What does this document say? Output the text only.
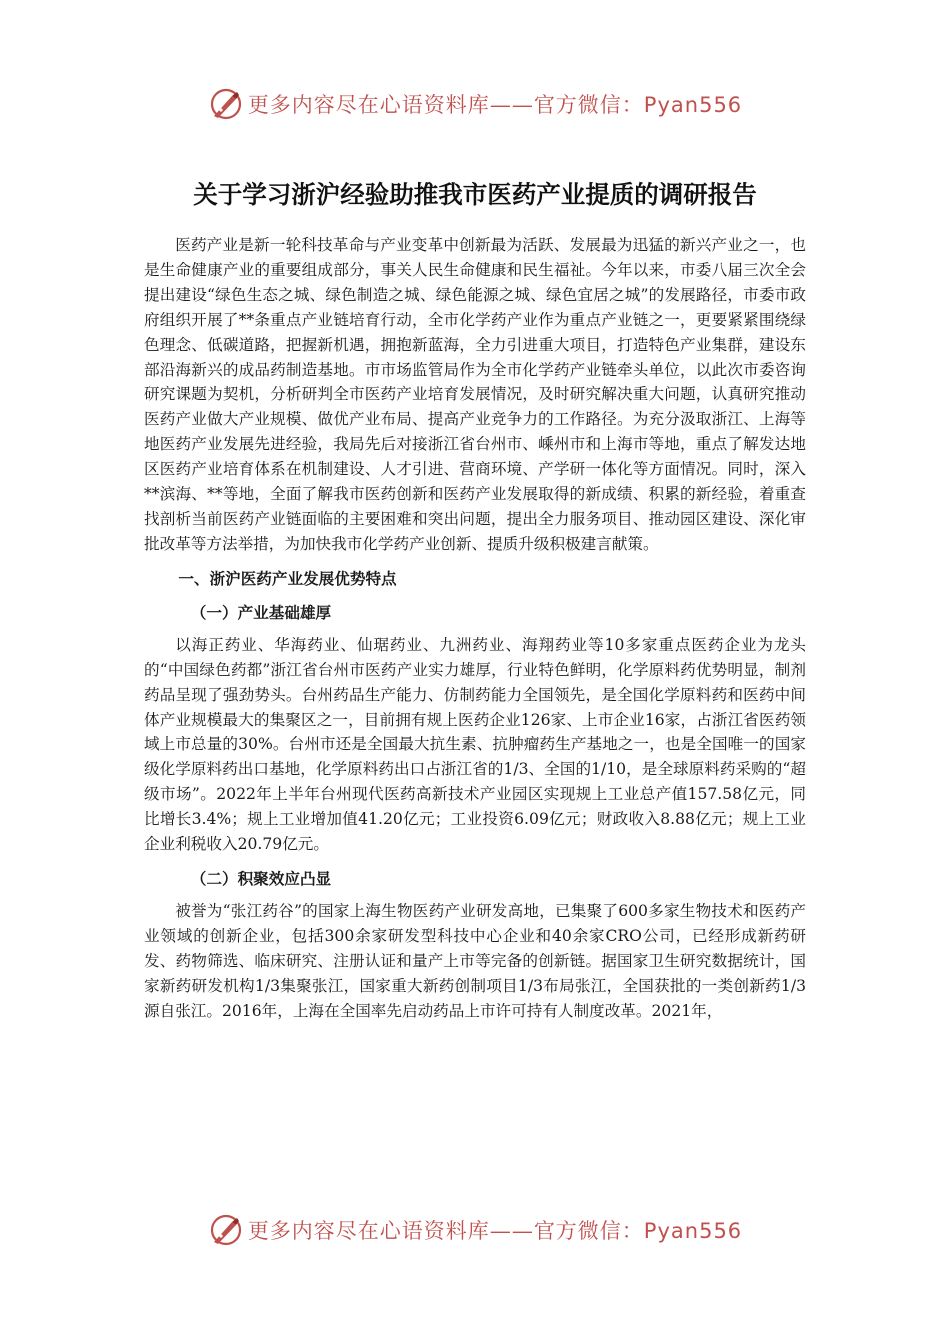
更多内容尽在心语资料库——官方微信：Pyan556
关于学习浙沪经验助推我市医药产业提质的调研报告

医药产业是新一轮科技革命与产业变革中创新最为活跃、发展最为迅猛的新兴产业之一，也是生命健康产业的重要组成部分，事关人民生命健康和民生福祉。今年以来，市委八届三次全会提出建设“绿色生态之城、绿色制造之城、绿色能源之城、绿色宜居之城”的发展路径，市委市政府组织开展了**条重点产业链培育行动，全市化学药产业作为重点产业链之一，更要紧紧围绕绿色理念、低碳道路，把握新机遇，拥抱新蓝海，全力引进重大项目，打造特色产业集群，建设东部沿海新兴的成品药制造基地。市市场监管局作为全市化学药产业链牵头单位，以此次市委咨询研究课题为契机，分析研判全市医药产业培育发展情况，及时研究解决重大问题，认真研究推动医药产业做大产业规模、做优产业布局、提高产业竞争力的工作路径。为充分汲取浙江、上海等地医药产业发展先进经验，我局先后对接浙江省台州市、嵊州市和上海市等地，重点了解发达地区医药产业培育体系在机制建设、人才引进、营商环境、产学研一体化等方面情况。同时，深入**滨海、**等地，全面了解我市医药创新和医药产业发展取得的新成绩、积累的新经验，着重查找剖析当前医药产业链面临的主要困难和突出问题，提出全力服务项目、推动园区建设、深化审批改革等方法举措，为加快我市化学药产业创新、提质升级积极建言献策。

一、浙沪医药产业发展优势特点
（一）产业基础雄厚

以海正药业、华海药业、仙琚药业、九洲药业、海翔药业等10多家重点医药企业为龙头的“中国绿色药都”浙江省台州市医药产业实力雄厚，行业特色鲜明，化学原料药优势明显，制剂药品呈现了强劲势头。台州药品生产能力、仿制药能力全国领先，是全国化学原料药和医药中间体产业规模最大的集聚区之一，目前拥有规上医药企业126家、上市企业16家，占浙江省医药领域上市总量的30%。台州市还是全国最大抗生素、抗肿瘤药生产基地之一，也是全国唯一的国家级化学原料药出口基地，化学原料药出口占浙江省的1/3、全国的1/10，是全球原料药采购的“超级市场”。2022年上半年台州现代医药高新技术产业园区实现规上工业总产值157.58亿元，同比增长3.4%；规上工业增加值41.20亿元；工业投资6.09亿元；财政收入8.88亿元；规上工业企业利税收入20.79亿元。

（二）积聚效应凸显

被誉为“张江药谷”的国家上海生物医药产业研发高地，已集聚了600多家生物技术和医药产业领域的创新企业，包括300余家研发型科技中心企业和40余家CRO公司，已经形成新药研发、药物筛选、临床研究、注册认证和量产上市等完备的创新链。据国家卫生研究数据统计，国家新药研发机构1/3集聚张江，国家重大新药创制项目1/3布局张江，全国获批的一类创新药1/3源自张江。2016年，上海在全国率先启动药品上市许可持有人制度改革。2021年，

更多内容尽在心语资料库——官方微信：Pyan556
